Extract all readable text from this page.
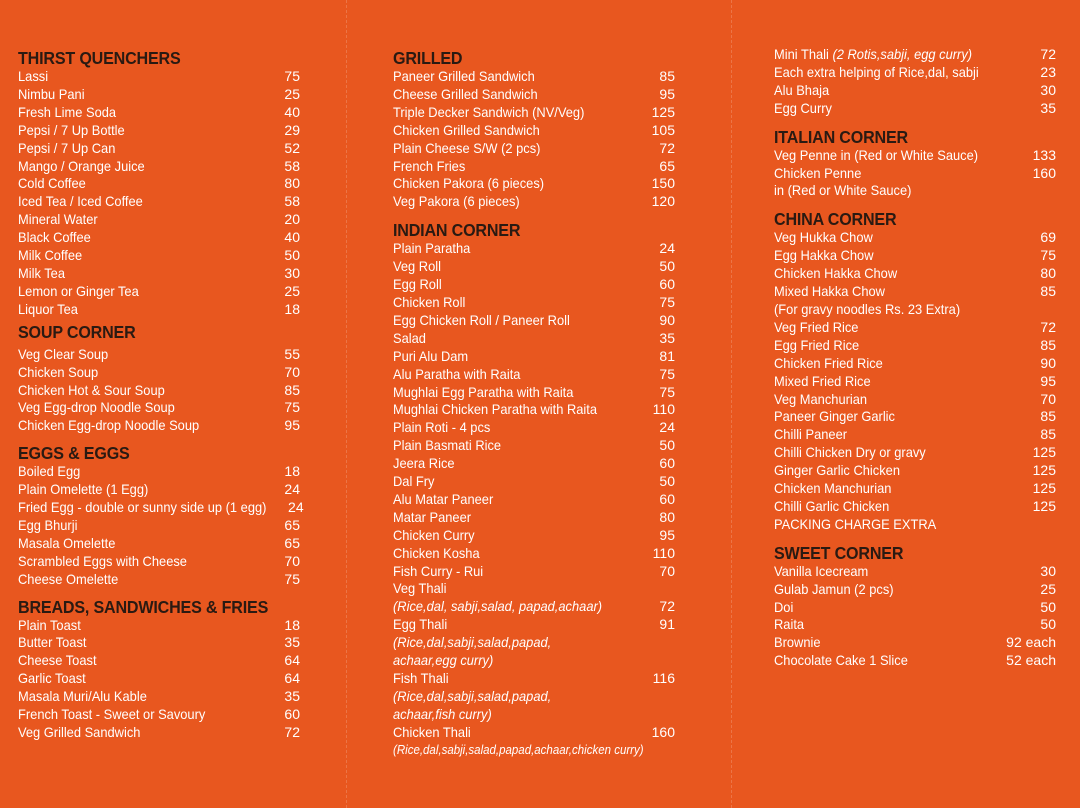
THIRST QUENCHERS
Lassi	75
Nimbu Pani	25
Fresh Lime Soda	40
Pepsi / 7 Up Bottle	29
Pepsi / 7 Up Can	52
Mango / Orange Juice	58
Cold Coffee	80
Iced Tea / Iced Coffee	58
Mineral Water	20
Black Coffee	40
Milk Coffee	50
Milk Tea	30
Lemon or Ginger Tea	25
Liquor Tea	18
SOUP CORNER
Veg Clear Soup	55
Chicken Soup	70
Chicken Hot & Sour Soup	85
Veg Egg-drop Noodle Soup	75
Chicken Egg-drop Noodle Soup	95
EGGS & EGGS
Boiled Egg	18
Plain Omelette (1 Egg)	24
Fried Egg - double or sunny side up (1 egg) 24
Egg Bhurji	65
Masala Omelette	65
Scrambled Eggs with Cheese	70
Cheese Omelette	75
BREADS, SANDWICHES & FRIES
Plain Toast	18
Butter Toast	35
Cheese Toast	64
Garlic Toast	64
Masala Muri/Alu Kable	35
French Toast - Sweet or Savoury	60
Veg Grilled Sandwich	72
GRILLED
Paneer Grilled Sandwich	85
Cheese Grilled Sandwich	95
Triple Decker Sandwich (NV/Veg)	125
Chicken Grilled Sandwich	105
Plain Cheese S/W (2 pcs)	72
French Fries	65
Chicken Pakora (6 pieces)	150
Veg Pakora (6 pieces)	120
INDIAN CORNER
Plain Paratha	24
Veg Roll	50
Egg Roll	60
Chicken Roll	75
Egg Chicken Roll / Paneer Roll	90
Salad	35
Puri Alu Dam	81
Alu Paratha with Raita	75
Mughlai Egg Paratha with Raita	75
Mughlai Chicken Paratha with Raita	110
Plain Roti - 4 pcs	24
Plain Basmati Rice	50
Jeera Rice	60
Dal Fry	50
Alu Matar Paneer	60
Matar Paneer	80
Chicken Curry	95
Chicken Kosha	110
Fish Curry - Rui	70
Veg Thali
(Rice,dal, sabji,salad, papad,achaar)	72
Egg Thali	91
(Rice,dal,sabji,salad,papad,
achaar,egg curry)
Fish Thali	116
(Rice,dal,sabji,salad,papad,
achaar,fish curry)
Chicken Thali	160
(Rice,dal,sabji,salad,papad,achaar,chicken curry)
Mini Thali (2 Rotis,sabji, egg curry)	72
Each extra helping of Rice,dal, sabji	23
Alu Bhaja	30
Egg Curry	35
ITALIAN CORNER
Veg Penne in (Red or White Sauce)	133
Chicken Penne	160
in (Red or White Sauce)
CHINA CORNER
Veg Hukka Chow	69
Egg Hakka Chow	75
Chicken Hakka Chow	80
Mixed Hakka Chow	85
(For gravy noodles Rs. 23 Extra)
Veg Fried Rice	72
Egg Fried Rice	85
Chicken Fried Rice	90
Mixed Fried Rice	95
Veg Manchurian	70
Paneer Ginger Garlic	85
Chilli Paneer	85
Chilli Chicken Dry or gravy	125
Ginger Garlic Chicken	125
Chicken Manchurian	125
Chilli Garlic Chicken	125
PACKING CHARGE EXTRA
SWEET CORNER
Vanilla Icecream	30
Gulab Jamun (2 pcs)	25
Doi	50
Raita	50
Brownie	92 each
Chocolate Cake 1 Slice	52 each
